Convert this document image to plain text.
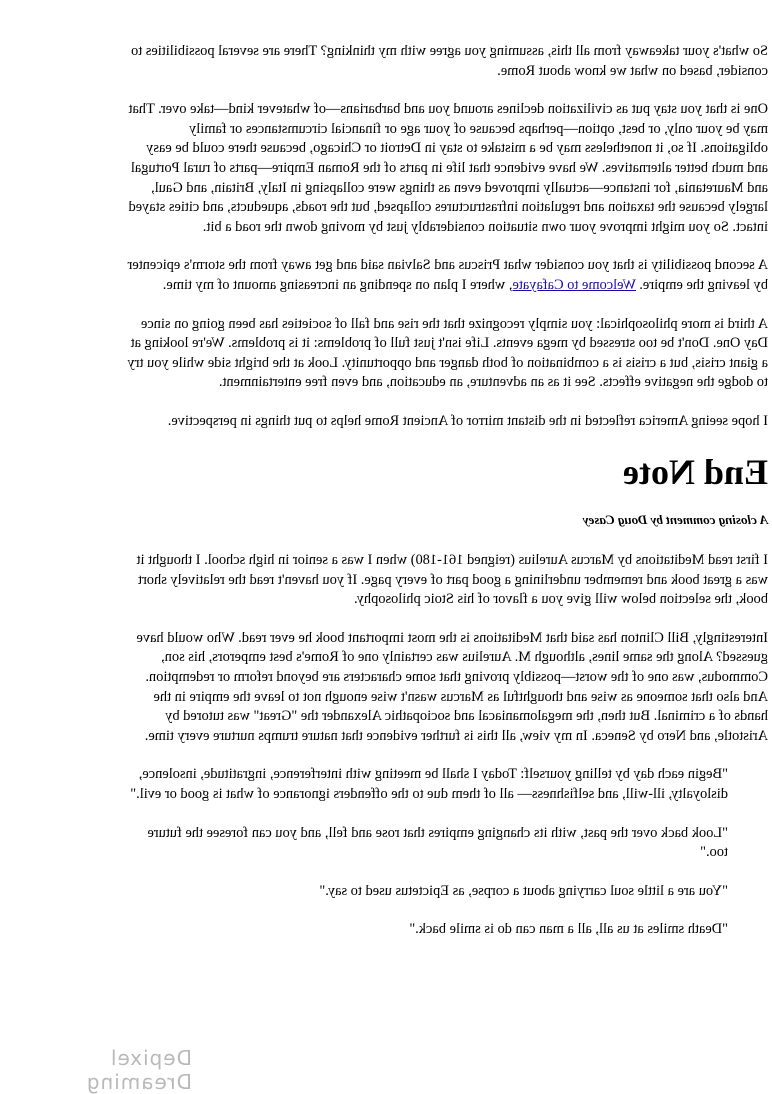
So what's your takeaway from all this, assuming you agree with my thinking? There are several possibilities to consider, based on what we know about Rome.

One is that you stay put as civilization declines around you and barbarians—of whatever kind—take over. That may be your only, or best, option—perhaps because of your age or financial circumstances or family obligations. If so, it nonetheless may be a mistake to stay in Detroit or Chicago, because there could be easy and much better alternatives. We have evidence that life in parts of the Roman Empire—parts of rural Portugal and Mauretania, for instance—actually improved even as things were collapsing in Italy, Britain, and Gaul, largely because the taxation and regulation infrastructures collapsed, but the roads, aqueducts, and cities stayed intact. So you might improve your own situation considerably just by moving down the road a bit.

A second possibility is that you consider what Priscus and Salvian said and get away from the storm's epicenter by leaving the empire. Welcome to Cafayate, where I plan on spending an increasing amount of my time.

A third is more philosophical: you simply recognize that the rise and fall of societies has been going on since Day One. Don't be too stressed by mega events. Life isn't just full of problems: it is problems. We're looking at a giant crisis, but a crisis is a combination of both danger and opportunity. Look at the bright side while you try to dodge the negative effects. See it as an adventure, an education, and even free entertainment.

I hope seeing America reflected in the distant mirror of Ancient Rome helps to put things in perspective.

End Note
A closing comment by Doug Casey

I first read Meditations by Marcus Aurelius (reigned 161-180) when I was a senior in high school. I thought it was a great book and remember underlining a good part of every page. If you haven't read the relatively short book, the selection below will give you a flavor of his Stoic philosophy.

Interestingly, Bill Clinton has said that Meditations is the most important book he ever read. Who would have guessed? Along the same lines, although M. Aurelius was certainly one of Rome's best emperors, his son, Commodus, was one of the worst—possibly proving that some characters are beyond reform or redemption. And also that someone as wise and thoughtful as Marcus wasn't wise enough not to leave the empire in the hands of a criminal. But then, the megalomaniacal and sociopathic Alexander the "Great" was tutored by Aristotle, and Nero by Seneca. In my view, all this is further evidence that nature trumps nurture every time.

"Begin each day by telling yourself: Today I shall be meeting with interference, ingratitude, insolence, disloyalty, ill-will, and selfishness— all of them due to the offenders ignorance of what is good or evil."

"Look back over the past, with its changing empires that rose and fell, and you can foresee the future too."

"You are a little soul carrying about a corpse, as Epictetus used to say."

"Death smiles at us all, all a man can do is smile back."

Depixel Dreaming
